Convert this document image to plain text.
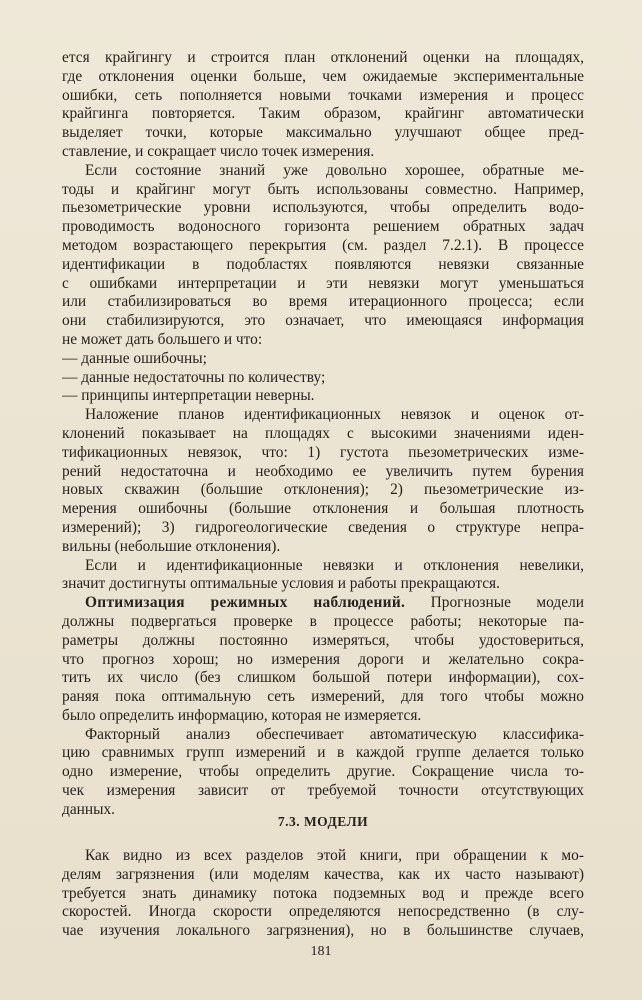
ется крайгингу и строится план отклонений оценки на площадях,
где отклонения оценки больше, чем ожидаемые экспериментальные
ошибки, сеть пополняется новыми точками измерения и процесс
крайгинга повторяется. Таким образом, крайгинг автоматически
выделяет точки, которые максимально улучшают общее пред-
ставление, и сокращает число точек измерения.
Если состояние знаний уже довольно хорошее, обратные ме-
тоды и крайгинг могут быть использованы совместно. Например,
пьезометрические уровни используются, чтобы определить водо-
проводимость водоносного горизонта решением обратных задач
методом возрастающего перекрытия (см. раздел 7.2.1). В процессе
идентификации в подобластях появляются невязки связанные
с ошибками интерпретации и эти невязки могут уменьшаться
или стабилизироваться во время итерационного процесса; если
они стабилизируются, это означает, что имеющаяся информация
не может дать большего и что:
— данные ошибочны;
— данные недостаточны по количеству;
— принципы интерпретации неверны.
Наложение планов идентификационных невязок и оценок от-
клонений показывает на площадях с высокими значениями иден-
тификационных невязок, что: 1) густота пьезометрических изме-
рений недостаточна и необходимо ее увеличить путем бурения
новых скважин (большие отклонения); 2) пьезометрические из-
мерения ошибочны (большие отклонения и большая плотность
измерений); 3) гидрогеологические сведения о структуре непра-
вильны (небольшие отклонения).
Если и идентификационные невязки и отклонения невелики,
значит достигнуты оптимальные условия и работы прекращаются.
Оптимизация режимных наблюдений. Прогнозные модели
должны подвергаться проверке в процессе работы; некоторые па-
раметры должны постоянно измеряться, чтобы удостовериться,
что прогноз хорош; но измерения дороги и желательно сокра-
тить их число (без слишком большой потери информации), сох-
раняя пока оптимальную сеть измерений, для того чтобы можно
было определить информацию, которая не измеряется.
Факторный анализ обеспечивает автоматическую классифика-
цию сравнимых групп измерений и в каждой группе делается только
одно измерение, чтобы определить другие. Сокращение числа то-
чек измерения зависит от требуемой точности отсутствующих
данных.
7.3. МОДЕЛИ
Как видно из всех разделов этой книги, при обращении к мо-
делям загрязнения (или моделям качества, как их часто называют)
требуется знать динамику потока подземных вод и прежде всего
скоростей. Иногда скорости определяются непосредственно (в слу-
чае изучения локального загрязнения), но в большинстве случаев,
181
